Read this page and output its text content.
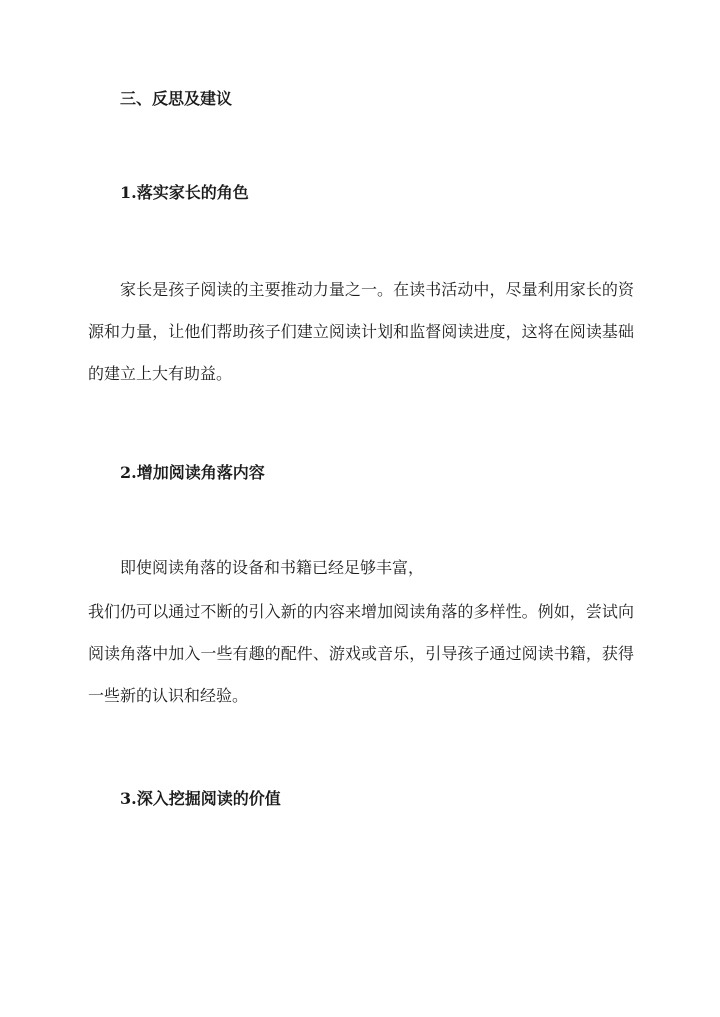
三、反思及建议
1.落实家长的角色

家长是孩子阅读的主要推动力量之一。在读书活动中，尽量利用家长的资源和力量，让他们帮助孩子们建立阅读计划和监督阅读进度，这将在阅读基础的建立上大有助益。

2.增加阅读角落内容

即使阅读角落的设备和书籍已经足够丰富，

我们仍可以通过不断的引入新的内容来增加阅读角落的多样性。例如，尝试向阅读角落中加入一些有趣的配件、游戏或音乐，引导孩子通过阅读书籍，获得一些新的认识和经验。

3.深入挖掘阅读的价值
